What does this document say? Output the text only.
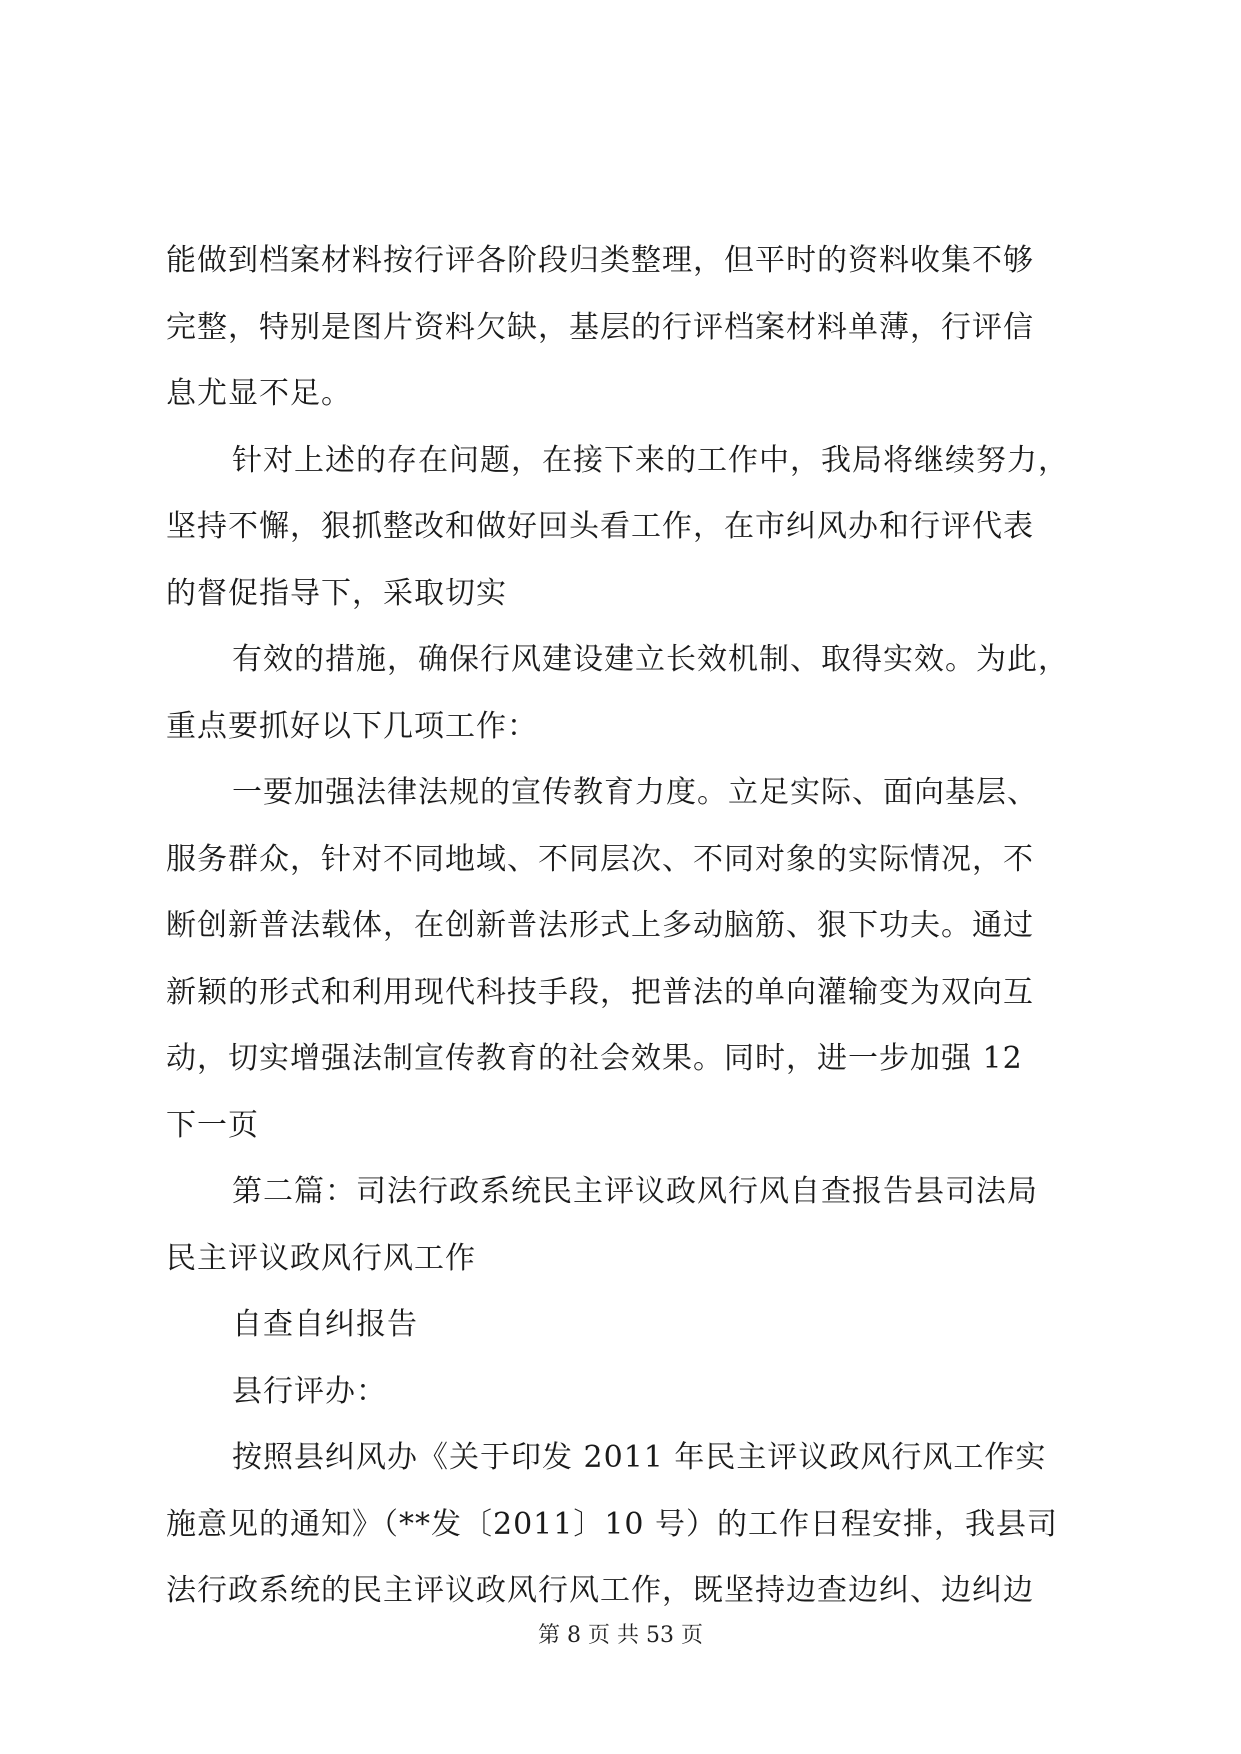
能做到档案材料按行评各阶段归类整理，但平时的资料收集不够
完整，特别是图片资料欠缺，基层的行评档案材料单薄，行评信
息尤显不足。
针对上述的存在问题，在接下来的工作中，我局将继续努力，
坚持不懈，狠抓整改和做好回头看工作，在市纠风办和行评代表
的督促指导下，采取切实
有效的措施，确保行风建设建立长效机制、取得实效。为此，
重点要抓好以下几项工作：
一要加强法律法规的宣传教育力度。立足实际、面向基层、
服务群众，针对不同地域、不同层次、不同对象的实际情况，不
断创新普法载体，在创新普法形式上多动脑筋、狠下功夫。通过
新颖的形式和利用现代科技手段，把普法的单向灌输变为双向互
动，切实增强法制宣传教育的社会效果。同时，进一步加强 12
下一页
第二篇：司法行政系统民主评议政风行风自查报告县司法局
民主评议政风行风工作
自查自纠报告
县行评办：
按照县纠风办《关于印发 2011 年民主评议政风行风工作实
施意见的通知》（**发〔2011〕10 号）的工作日程安排，我县司
法行政系统的民主评议政风行风工作，既坚持边查边纠、边纠边
第 8 页 共 53 页
